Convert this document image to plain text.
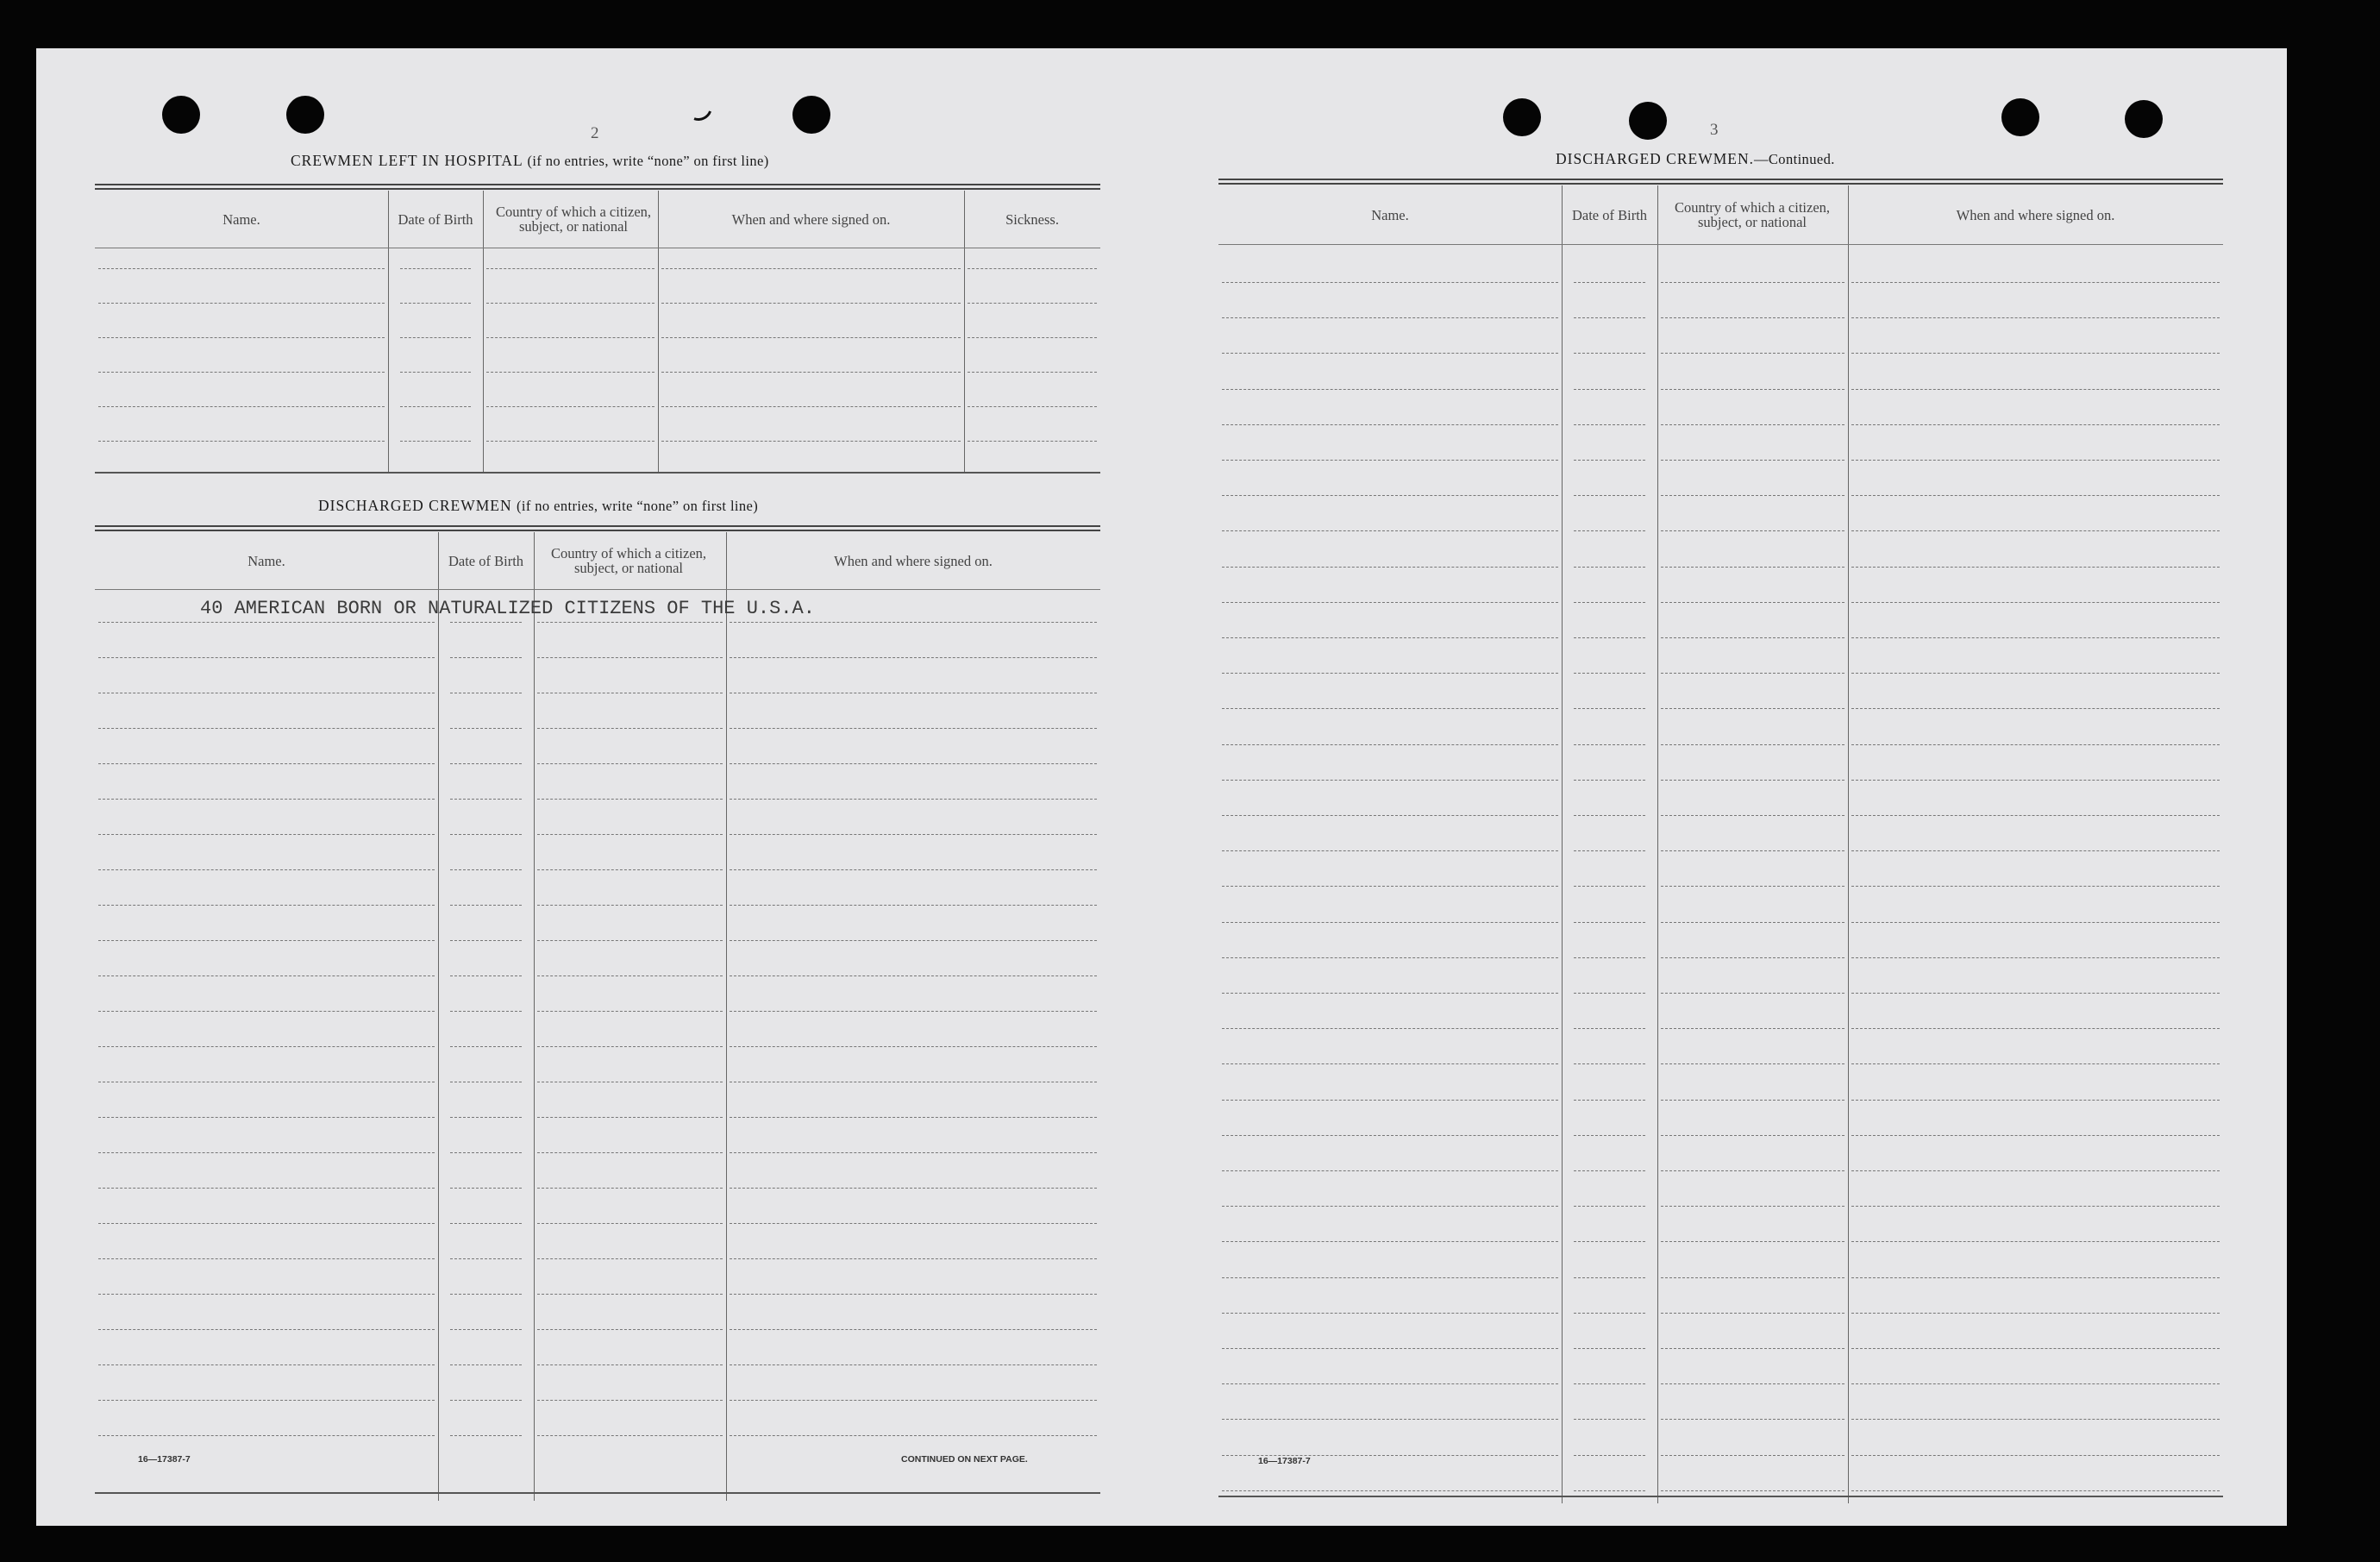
2
CREWMEN LEFT IN HOSPITAL (if no entries, write “none” on first line)
Name.	Date of Birth	Country of which a citizen, subject, or national	When and where signed on.	Sickness.
DISCHARGED CREWMEN (if no entries, write “none” on first line)
Name.	Date of Birth	Country of which a citizen, subject, or national	When and where signed on.
40 AMERICAN BORN OR NATURALIZED CITIZENS OF THE U.S.A.
16—17387-7	CONTINUED ON NEXT PAGE.
3
DISCHARGED CREWMEN.—Continued.
Name.	Date of Birth	Country of which a citizen, subject, or national	When and where signed on.
16—17387-7
